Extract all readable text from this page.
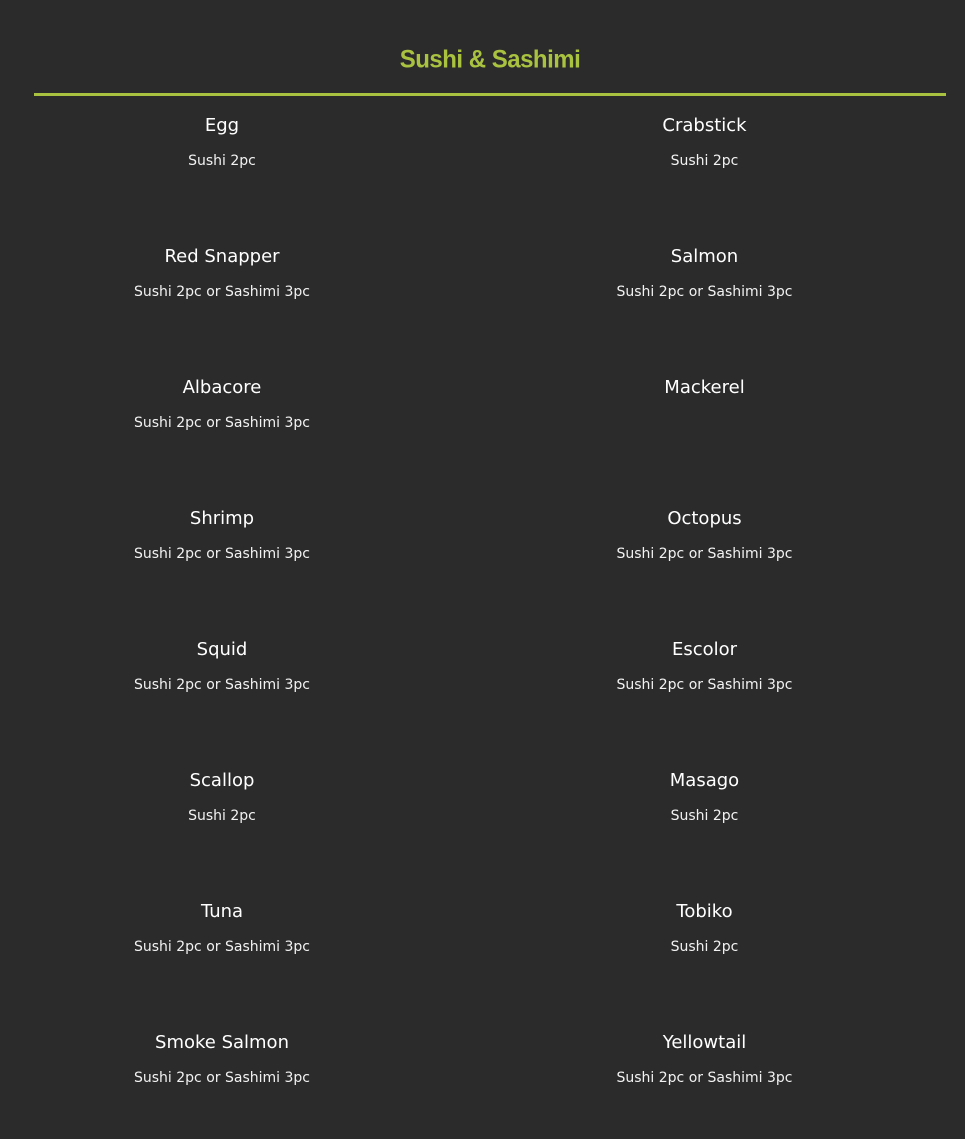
Sushi & Sashimi
Egg
Sushi 2pc
Crabstick
Sushi 2pc
Red Snapper
Sushi 2pc or Sashimi 3pc
Salmon
Sushi 2pc or Sashimi 3pc
Albacore
Sushi 2pc or Sashimi 3pc
Mackerel
Shrimp
Sushi 2pc or Sashimi 3pc
Octopus
Sushi 2pc or Sashimi 3pc
Squid
Sushi 2pc or Sashimi 3pc
Escolor
Sushi 2pc or Sashimi 3pc
Scallop
Sushi 2pc
Masago
Sushi 2pc
Tuna
Sushi 2pc or Sashimi 3pc
Tobiko
Sushi 2pc
Smoke Salmon
Sushi 2pc or Sashimi 3pc
Yellowtail
Sushi 2pc or Sashimi 3pc
